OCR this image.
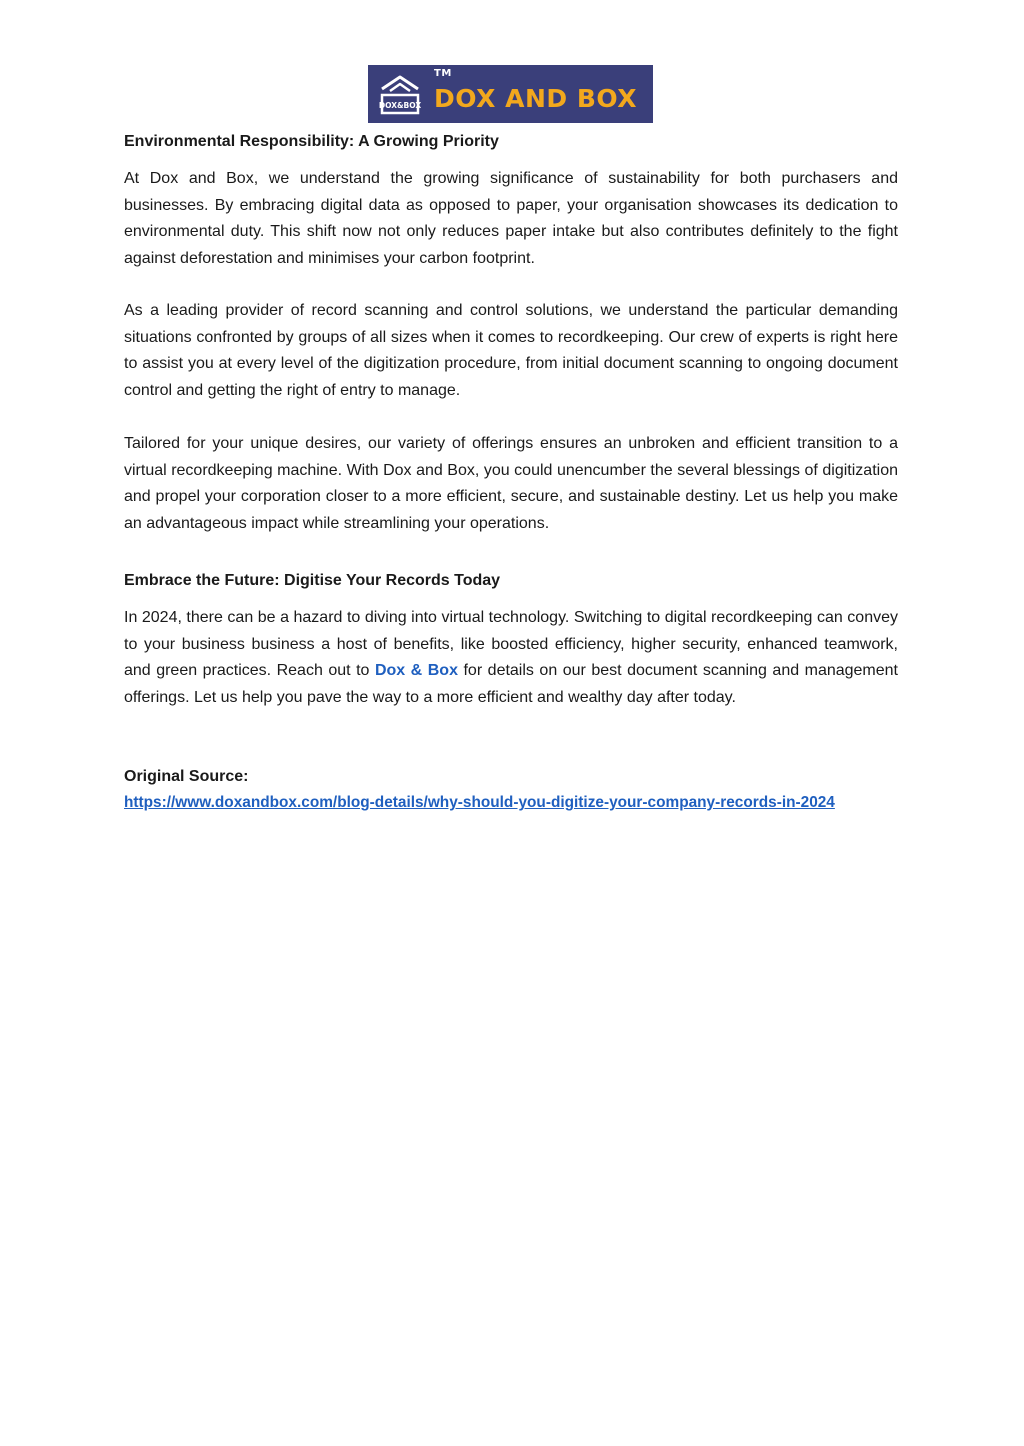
DOX&BOX
TM
DOX AND BOX
Environmental Responsibility: A Growing Priority

At Dox and Box, we understand the growing significance of sustainability for both purchasers and businesses. By embracing digital data as opposed to paper, your organisation showcases its dedication to environmental duty. This shift now not only reduces paper intake but also contributes definitely to the fight against deforestation and minimises your carbon footprint.

As a leading provider of record scanning and control solutions, we understand the particular demanding situations confronted by groups of all sizes when it comes to recordkeeping. Our crew of experts is right here to assist you at every level of the digitization procedure, from initial document scanning to ongoing document control and getting the right of entry to manage.

Tailored for your unique desires, our variety of offerings ensures an unbroken and efficient transition to a virtual recordkeeping machine. With Dox and Box, you could unencumber the several blessings of digitization and propel your corporation closer to a more efficient, secure, and sustainable destiny. Let us help you make an advantageous impact while streamlining your operations.

Embrace the Future: Digitise Your Records Today

In 2024, there can be a hazard to diving into virtual technology. Switching to digital recordkeeping can convey to your business business a host of benefits, like boosted efficiency, higher security, enhanced teamwork, and green practices. Reach out to Dox & Box for details on our best document scanning and management offerings. Let us help you pave the way to a more efficient and wealthy day after today.

Original Source:

https://www.doxandbox.com/blog-details/why-should-you-digitize-your-company-records-in-2024
